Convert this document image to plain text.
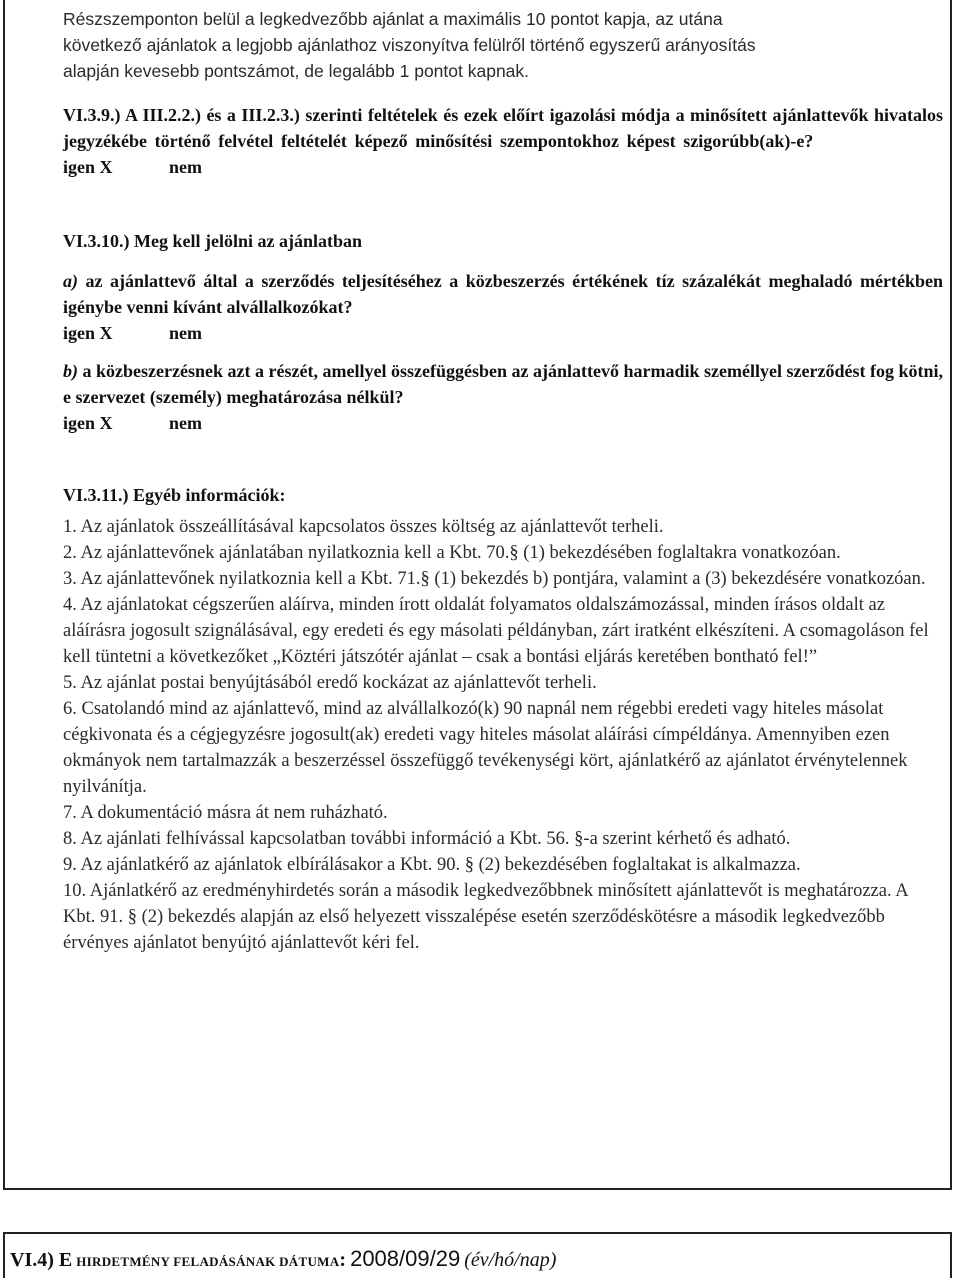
Részszemponton belül a legkedvezőbb ajánlat a maximális 10 pontot kapja, az utána

következő ajánlatok a legjobb ajánlathoz viszonyítva felülről történő egyszerű arányosítás

alapján kevesebb pontszámot, de legalább 1 pontot kapnak.

VI.3.9.) A III.2.2.) és a III.2.3.) szerinti feltételek és ezek előírt igazolási módja a minősített ajánlattevők hivatalos jegyzékébe történő felvétel feltételét képező minősítési szempontokhoz képest szigorúbb(ak)-e? igen X	nem

VI.3.10.) Meg kell jelölni az ajánlatban

a) az ajánlattevő által a szerződés teljesítéséhez a közbeszerzés értékének tíz százalékát meghaladó mértékben igénybe venni kívánt alvállalkozókat?
igen X	nem
b) a közbeszerzésnek azt a részét, amellyel összefüggésben az ajánlattevő harmadik személlyel szerződést fog kötni, e szervezet (személy) meghatározása nélkül?
igen X	nem

VI.3.11.) Egyéb információk:

1. Az ajánlatok összeállításával kapcsolatos összes költség az ajánlattevőt terheli.

2. Az ajánlattevőnek ajánlatában nyilatkoznia kell a Kbt. 70.§ (1) bekezdésében foglaltakra vonatkozóan.

3. Az ajánlattevőnek nyilatkoznia kell a Kbt. 71.§ (1) bekezdés b) pontjára, valamint a (3) bekezdésére vonatkozóan.

4. Az ajánlatokat cégszerűen aláírva, minden írott oldalát folyamatos oldalszámozással, minden írásos oldalt az aláírásra jogosult szignálásával, egy eredeti és egy másolati példányban, zárt iratként elkészíteni. A csomagoláson fel kell tüntetni a következőket „Köztéri játszótér ajánlat – csak a bontási eljárás keretében bontható fel!”

5. Az ajánlat postai benyújtásából eredő kockázat az ajánlattevőt terheli.

6. Csatolandó mind az ajánlattevő, mind az alvállalkozó(k) 90 napnál nem régebbi eredeti vagy hiteles másolat cégkivonata és a cégjegyzésre jogosult(ak) eredeti vagy hiteles másolat aláírási címpéldánya. Amennyiben ezen okmányok nem tartalmazzák a beszerzéssel összefüggő tevékenységi kört, ajánlatkérő az ajánlatot érvénytelennek nyilvánítja.

7. A dokumentáció másra át nem ruházható.

8. Az ajánlati felhívással kapcsolatban további információ a Kbt. 56. §-a szerint kérhető és adható.

9. Az ajánlatkérő az ajánlatok elbírálásakor a Kbt. 90. § (2) bekezdésében foglaltakat is alkalmazza.

10. Ajánlatkérő az eredményhirdetés során a második legkedvezőbbnek minősített ajánlattevőt is meghatározza. A Kbt. 91. § (2) bekezdés alapján az első helyezett visszalépése esetén szerződéskötésre a második legkedvezőbb érvényes ajánlatot benyújtó ajánlattevőt kéri fel.

VI.4) E HIRDETMÉNY FELADÁSÁNAK DÁTUMA: 2008/09/29 (év/hó/nap)
